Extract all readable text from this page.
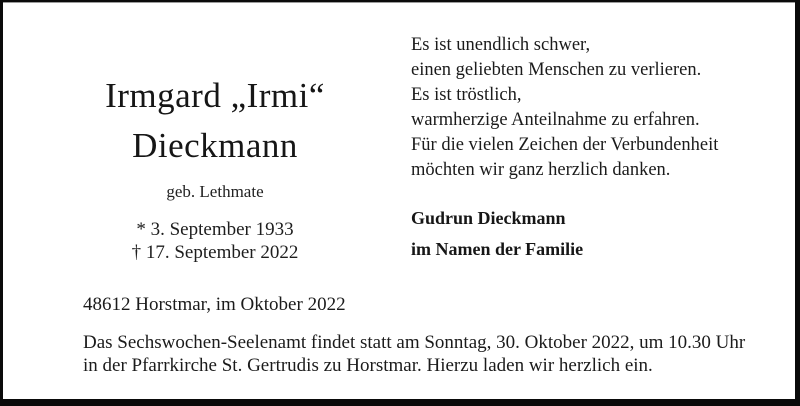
Irmgard „Irmi“
Dieckmann
geb. Lethmate
* 3. September 1933
† 17. September 2022
Es ist unendlich schwer,
einen geliebten Menschen zu verlieren.
Es ist tröstlich,
warmherzige Anteilnahme zu erfahren.
Für die vielen Zeichen der Verbundenheit
möchten wir ganz herzlich danken.
Gudrun Dieckmann
im Namen der Familie
48612 Horstmar, im Oktober 2022
Das Sechswochen-Seelenamt findet statt am Sonntag, 30. Oktober 2022, um 10.30 Uhr
in der Pfarrkirche St. Gertrudis zu Horstmar. Hierzu laden wir herzlich ein.
